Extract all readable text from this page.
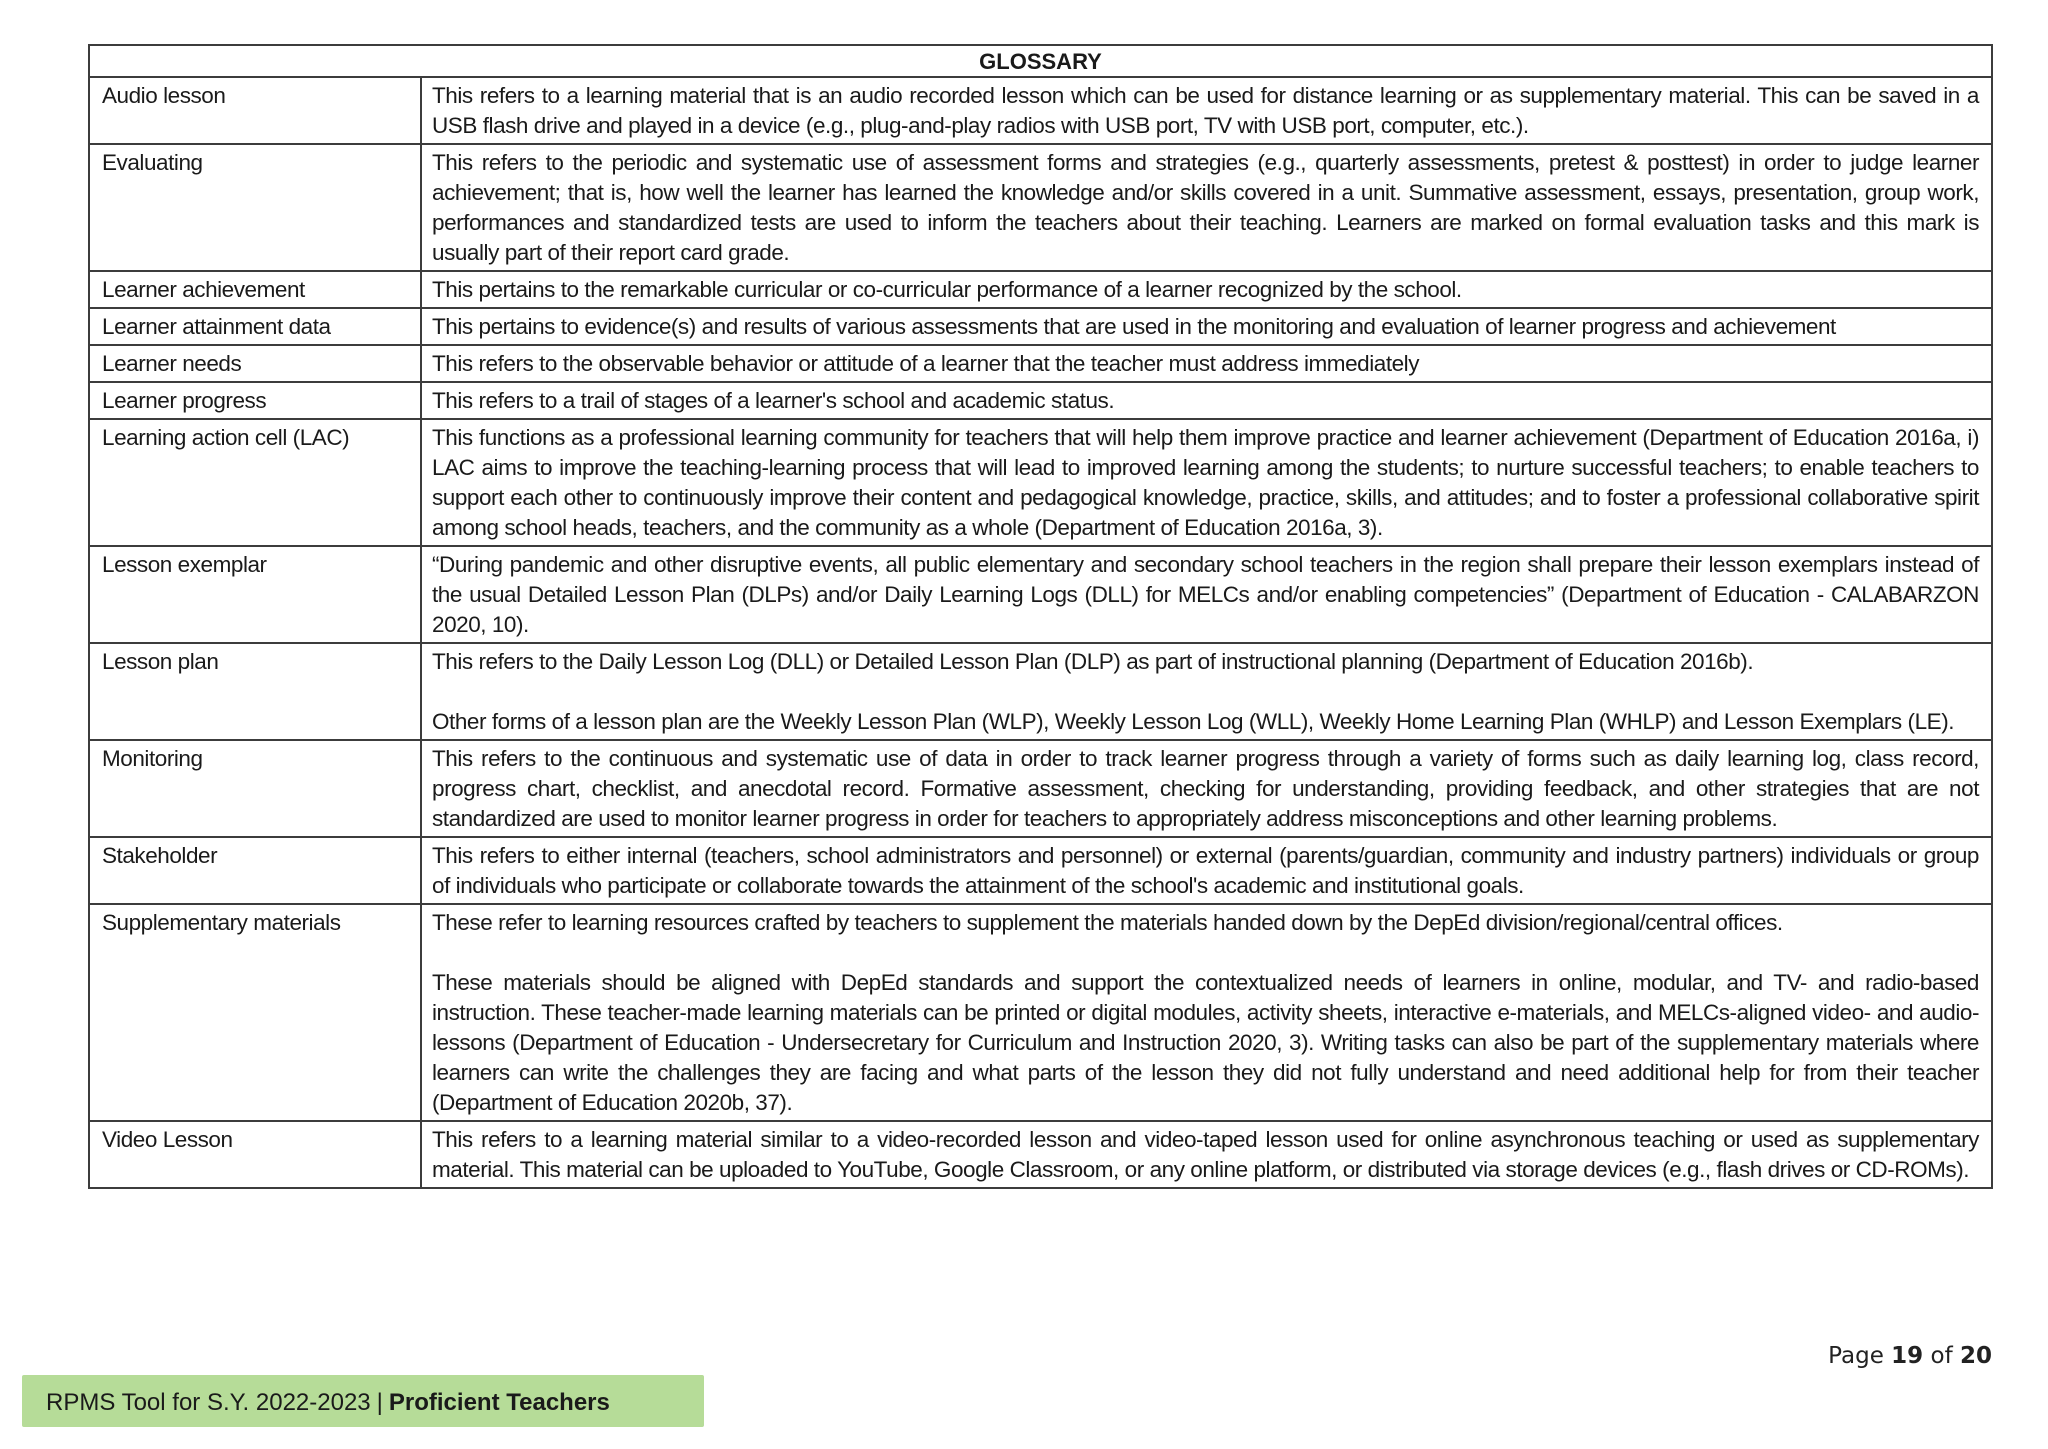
GLOSSARY	
Audio lesson	This refers to a learning material that is an audio recorded lesson which can be used for distance learning or as supplementary material. This can be saved in a USB flash drive and played in a device (e.g., plug-and-play radios with USB port, TV with USB port, computer, etc.).

Evaluating	This refers to the periodic and systematic use of assessment forms and strategies (e.g., quarterly assessments, pretest & posttest) in order to judge learner achievement; that is, how well the learner has learned the knowledge and/or skills covered in a unit. Summative assessment, essays, presentation, group work, performances and standardized tests are used to inform the teachers about their teaching. Learners are marked on formal evaluation tasks and this mark is usually part of their report card grade.

Learner achievement	This pertains to the remarkable curricular or co-curricular performance of a learner recognized by the school.

Learner attainment data	This pertains to evidence(s) and results of various assessments that are used in the monitoring and evaluation of learner progress and achievement

Learner needs	This refers to the observable behavior or attitude of a learner that the teacher must address immediately

Learner progress	This refers to a trail of stages of a learner's school and academic status.

Learning action cell (LAC)	This functions as a professional learning community for teachers that will help them improve practice and learner achievement (Department of Education 2016a, i) LAC aims to improve the teaching-learning process that will lead to improved learning among the students; to nurture successful teachers; to enable teachers to support each other to continuously improve their content and pedagogical knowledge, practice, skills, and attitudes; and to foster a professional collaborative spirit among school heads, teachers, and the community as a whole (Department of Education 2016a, 3).

Lesson exemplar	“During pandemic and other disruptive events, all public elementary and secondary school teachers in the region shall prepare their lesson exemplars instead of the usual Detailed Lesson Plan (DLPs) and/or Daily Learning Logs (DLL) for MELCs and/or enabling competencies” (Department of Education - CALABARZON 2020, 10).

Lesson plan	This refers to the Daily Lesson Log (DLL) or Detailed Lesson Plan (DLP) as part of instructional planning (Department of Education 2016b).

Other forms of a lesson plan are the Weekly Lesson Plan (WLP), Weekly Lesson Log (WLL), Weekly Home Learning Plan (WHLP) and Lesson Exemplars (LE).

Monitoring	This refers to the continuous and systematic use of data in order to track learner progress through a variety of forms such as daily learning log, class record, progress chart, checklist, and anecdotal record. Formative assessment, checking for understanding, providing feedback, and other strategies that are not standardized are used to monitor learner progress in order for teachers to appropriately address misconceptions and other learning problems.

Stakeholder	This refers to either internal (teachers, school administrators and personnel) or external (parents/guardian, community and industry partners) individuals or group of individuals who participate or collaborate towards the attainment of the school's academic and institutional goals.

Supplementary materials	These refer to learning resources crafted by teachers to supplement the materials handed down by the DepEd division/regional/central offices.

These materials should be aligned with DepEd standards and support the contextualized needs of learners in online, modular, and TV- and radio-based instruction. These teacher-made learning materials can be printed or digital modules, activity sheets, interactive e-materials, and MELCs-aligned video- and audio-lessons (Department of Education - Undersecretary for Curriculum and Instruction 2020, 3). Writing tasks can also be part of the supplementary materials where learners can write the challenges they are facing and what parts of the lesson they did not fully understand and need additional help for from their teacher (Department of Education 2020b, 37).

Video Lesson	This refers to a learning material similar to a video-recorded lesson and video-taped lesson used for online asynchronous teaching or used as supplementary material. This material can be uploaded to YouTube, Google Classroom, or any online platform, or distributed via storage devices (e.g., flash drives or CD-ROMs).

Page 19 of 20
RPMS Tool for S.Y. 2022-2023 | Proficient Teachers
